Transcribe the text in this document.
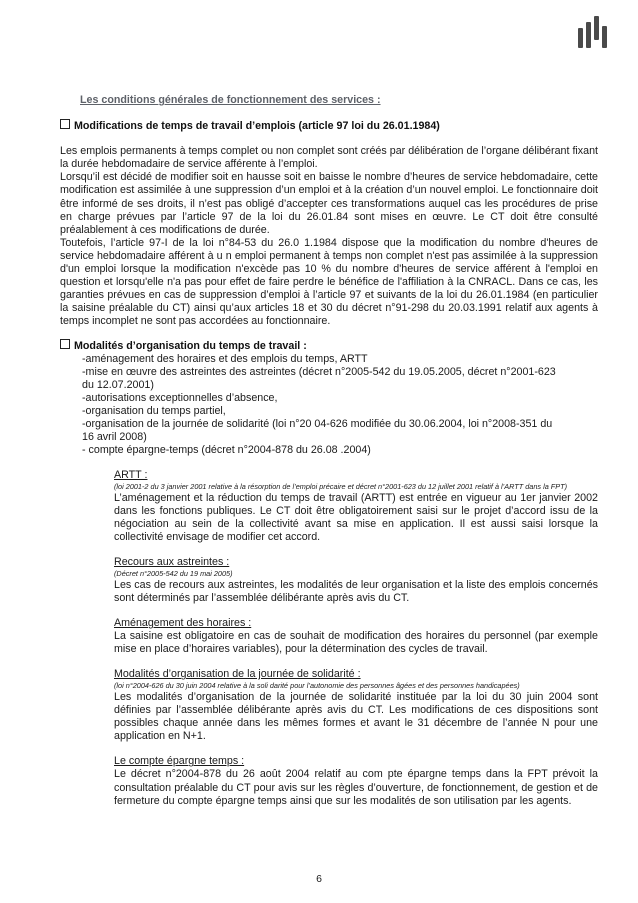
Les conditions générales de fonctionnement des services :
Modifications de temps de travail d’emplois (article 97 loi du 26.01.1984)

Les emplois permanents à temps complet ou non complet sont créés par délibération de l’organe délibérant fixant la durée hebdomadaire de service afférente à l’emploi.

Lorsqu’il est décidé de modifier soit en hausse soit en baisse le nombre d’heures de service hebdomadaire, cette modification est assimilée à une suppression d’un emploi et à la création d’un nouvel emploi. Le fonctionnaire doit être informé de ses droits, il n’est pas obligé d’accepter ces transformations auquel cas les procédures de prise en charge prévues par l’article 97 de la loi du 26.01.84 sont mises en œuvre. Le CT doit être consulté préalablement à ces modifications de durée.

Toutefois, l’article 97-I de la loi n°84-53 du 26.0 1.1984 dispose que la modification du nombre d'heures de service hebdomadaire afférent à u n emploi permanent à temps non complet n'est pas assimilée à la suppression d'un emploi lorsque la modification n'excède pas 10 % du nombre d'heures de service afférent à l'emploi en question et lorsqu'elle n'a pas pour effet de faire perdre le bénéfice de l'affiliation à la CNRACL. Dans ce cas, les garanties prévues en cas de suppression d’emploi à l’article 97 et suivants de la loi du 26.01.1984 (en particulier la saisine préalable du CT) ainsi qu’aux articles 18 et 30 du décret n°91-298 du 20.03.1991 relatif aux agents à temps incomplet ne sont pas accordées au fonctionnaire.

Modalités d’organisation du temps de travail :
-aménagement des horaires et des emplois du temps, ARTT
-mise en œuvre des astreintes des astreintes (décret n°2005-542 du 19.05.2005, décret n°2001-623 du 12.07.2001)
-autorisations exceptionnelles d’absence,
-organisation du temps partiel,
-organisation de la journée de solidarité (loi n°20 04-626 modifiée du 30.06.2004, loi n°2008-351 du 16 avril 2008)
- compte épargne-temps (décret n°2004-878 du 26.08 .2004)
ARTT :
(loi 2001-2 du 3 janvier 2001 relative à la résorption de l’emploi précaire et décret n°2001-623 du 12 juillet 2001 relatif à l’ARTT dans la FPT)

L’aménagement et la réduction du temps de travail (ARTT) est entrée en vigueur au 1er janvier 2002 dans les fonctions publiques. Le CT doit être obligatoirement saisi sur le projet d’accord issu de la négociation au sein de la collectivité avant sa mise en application. Il est aussi saisi lorsque la collectivité envisage de modifier cet accord.

Recours aux astreintes :
(Décret n°2005-542 du 19 mai 2005)

Les cas de recours aux astreintes, les modalités de leur organisation et la liste des emplois concernés sont déterminés par l’assemblée délibérante après avis du CT.

Aménagement des horaires :

La saisine est obligatoire en cas de souhait de modification des horaires du personnel (par exemple mise en place d’horaires variables), pour la détermination des cycles de travail.

Modalités d’organisation de la journée de solidarité :
(loi n°2004-626 du 30 juin 2004 relative à la soli darité pour l’autonomie des personnes âgées et des personnes handicapées)

Les modalités d’organisation de la journée de solidarité instituée par la loi du 30 juin 2004 sont définies par l’assemblée délibérante après avis du CT. Les modifications de ces dispositions sont possibles chaque année dans les mêmes formes et avant le 31 décembre de l’année N pour une application en N+1.

Le compte épargne temps :

Le décret n°2004-878 du 26 août 2004 relatif au com pte épargne temps dans la FPT prévoit la consultation préalable du CT pour avis sur les règles d’ouverture, de fonctionnement, de gestion et de fermeture du compte épargne temps ainsi que sur les modalités de son utilisation par les agents.

6
